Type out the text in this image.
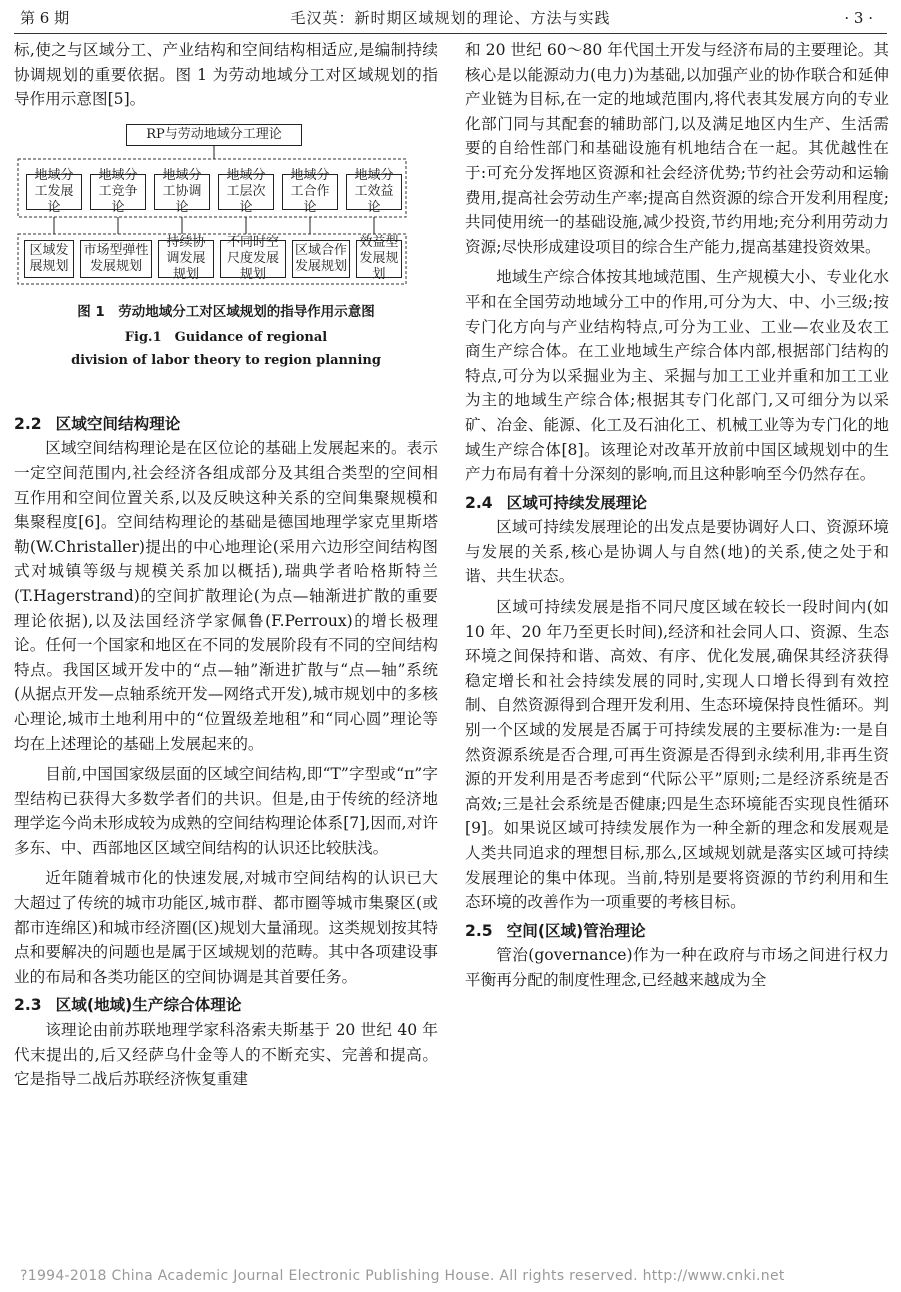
第 6 期	毛汉英：新时期区域规划的理论、方法与实践	· 3 ·

标,使之与区域分工、产业结构和空间结构相适应,是编制持续协调规划的重要依据。图 1 为劳动地域分工对区域规划的指导作用示意图[5]。

RP与劳动地域分工理论
地域分工发展论
地域分工竞争论
地域分工协调论
地域分工层次论
地域分工合作论
地域分工效益论
区域发展规划
市场型弹性发展规划
持续协调发展规划
不同时空尺度发展规划
区域合作发展规划
效益型发展规划
图 1　劳动地域分工对区域规划的指导作用示意图
Fig.1　Guidance of regional
division of labor theory to region planning
2.2 区域空间结构理论

区域空间结构理论是在区位论的基础上发展起来的。表示一定空间范围内,社会经济各组成部分及其组合类型的空间相互作用和空间位置关系,以及反映这种关系的空间集聚规模和集聚程度[6]。空间结构理论的基础是德国地理学家克里斯塔勒(W.Christaller)提出的中心地理论(采用六边形空间结构图式对城镇等级与规模关系加以概括),瑞典学者哈格斯特兰(T.Hagerstrand)的空间扩散理论(为点—轴渐进扩散的重要理论依据),以及法国经济学家佩鲁(F.Perroux)的增长极理论。任何一个国家和地区在不同的发展阶段有不同的空间结构特点。我国区域开发中的“点—轴”渐进扩散与“点—轴”系统(从据点开发—点轴系统开发—网络式开发),城市规划中的多核心理论,城市土地利用中的“位置级差地租”和“同心圆”理论等均在上述理论的基础上发展起来的。

目前,中国国家级层面的区域空间结构,即“T”字型或“π”字型结构已获得大多数学者们的共识。但是,由于传统的经济地理学迄今尚未形成较为成熟的空间结构理论体系[7],因而,对许多东、中、西部地区区域空间结构的认识还比较肤浅。

近年随着城市化的快速发展,对城市空间结构的认识已大大超过了传统的城市功能区,城市群、都市圈等城市集聚区(或都市连绵区)和城市经济圈(区)规划大量涌现。这类规划按其特点和要解决的问题也是属于区域规划的范畴。其中各项建设事业的布局和各类功能区的空间协调是其首要任务。

2.3 区域(地域)生产综合体理论

该理论由前苏联地理学家科洛索夫斯基于 20 世纪 40 年代末提出的,后又经萨乌什金等人的不断充实、完善和提高。它是指导二战后苏联经济恢复重建

和 20 世纪 60～80 年代国土开发与经济布局的主要理论。其核心是以能源动力(电力)为基础,以加强产业的协作联合和延伸产业链为目标,在一定的地域范围内,将代表其发展方向的专业化部门同与其配套的辅助部门,以及满足地区内生产、生活需要的自给性部门和基础设施有机地结合在一起。其优越性在于:可充分发挥地区资源和社会经济优势;节约社会劳动和运输费用,提高社会劳动生产率;提高自然资源的综合开发利用程度;共同使用统一的基础设施,减少投资,节约用地;充分利用劳动力资源;尽快形成建设项目的综合生产能力,提高基建投资效果。

地域生产综合体按其地域范围、生产规模大小、专业化水平和在全国劳动地域分工中的作用,可分为大、中、小三级;按专门化方向与产业结构特点,可分为工业、工业—农业及农工商生产综合体。在工业地域生产综合体内部,根据部门结构的特点,可分为以采掘业为主、采掘与加工工业并重和加工工业为主的地域生产综合体;根据其专门化部门,又可细分为以采矿、冶金、能源、化工及石油化工、机械工业等为专门化的地域生产综合体[8]。该理论对改革开放前中国区域规划中的生产力布局有着十分深刻的影响,而且这种影响至今仍然存在。

2.4 区域可持续发展理论

区域可持续发展理论的出发点是要协调好人口、资源环境与发展的关系,核心是协调人与自然(地)的关系,使之处于和谐、共生状态。

区域可持续发展是指不同尺度区域在较长一段时间内(如 10 年、20 年乃至更长时间),经济和社会同人口、资源、生态环境之间保持和谐、高效、有序、优化发展,确保其经济获得稳定增长和社会持续发展的同时,实现人口增长得到有效控制、自然资源得到合理开发利用、生态环境保持良性循环。判别一个区域的发展是否属于可持续发展的主要标准为:一是自然资源系统是否合理,可再生资源是否得到永续利用,非再生资源的开发利用是否考虑到“代际公平”原则;二是经济系统是否高效;三是社会系统是否健康;四是生态环境能否实现良性循环[9]。如果说区域可持续发展作为一种全新的理念和发展观是人类共同追求的理想目标,那么,区域规划就是落实区域可持续发展理论的集中体现。当前,特别是要将资源的节约利用和生态环境的改善作为一项重要的考核目标。

2.5 空间(区域)管治理论

管治(governance)作为一种在政府与市场之间进行权力平衡再分配的制度性理念,已经越来越成为全

?1994-2018 China Academic Journal Electronic Publishing House. All rights reserved. http://www.cnki.net
